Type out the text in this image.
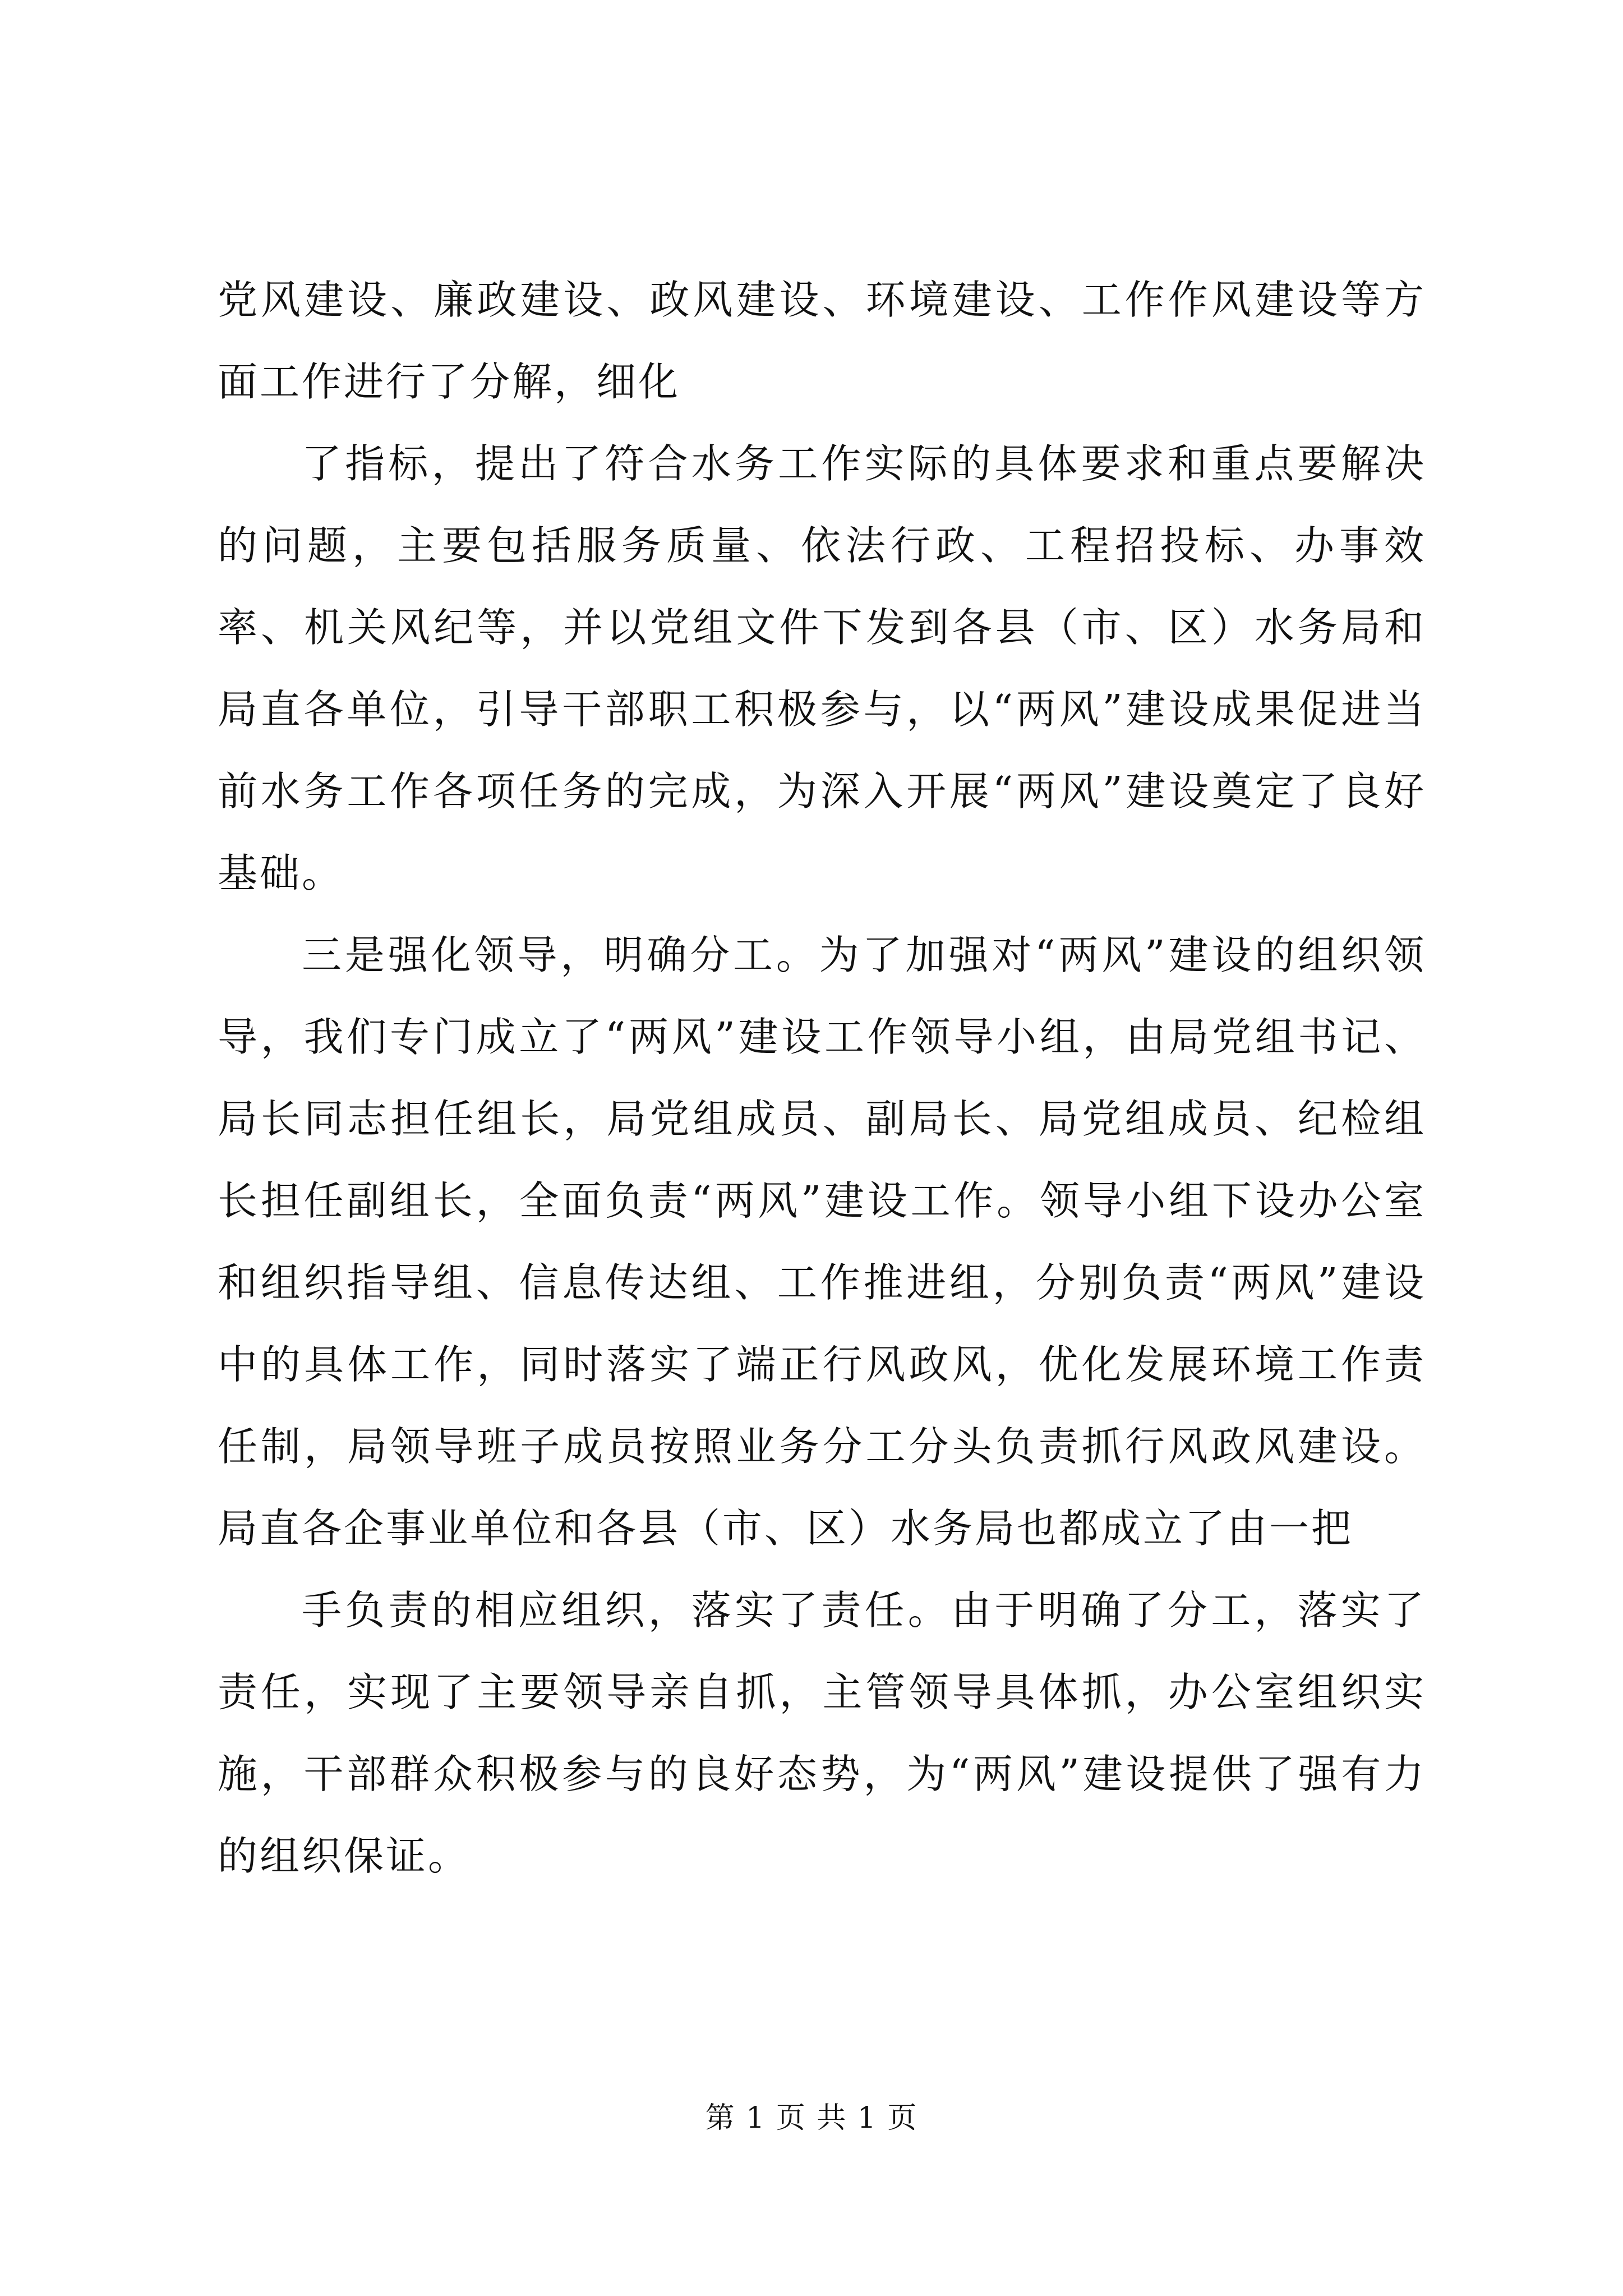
党风建设、廉政建设、政风建设、环境建设、工作作风建设等方面工作进行了分解，细化

了指标，提出了符合水务工作实际的具体要求和重点要解决的问题，主要包括服务质量、依法行政、工程招投标、办事效率、机关风纪等，并以党组文件下发到各县（市、区）水务局和局直各单位，引导干部职工积极参与，以“两风”建设成果促进当前水务工作各项任务的完成，为深入开展“两风”建设奠定了良好基础。

三是强化领导，明确分工。为了加强对“两风”建设的组织领导，我们专门成立了“两风”建设工作领导小组，由局党组书记、局长同志担任组长，局党组成员、副局长、局党组成员、纪检组长担任副组长，全面负责“两风”建设工作。领导小组下设办公室和组织指导组、信息传达组、工作推进组，分别负责“两风”建设中的具体工作，同时落实了端正行风政风，优化发展环境工作责任制，局领导班子成员按照业务分工分头负责抓行风政风建设。局直各企事业单位和各县（市、区）水务局也都成立了由一把

手负责的相应组织，落实了责任。由于明确了分工，落实了责任，实现了主要领导亲自抓，主管领导具体抓，办公室组织实施，干部群众积极参与的良好态势，为“两风”建设提供了强有力的组织保证。

第 1 页 共 1 页
